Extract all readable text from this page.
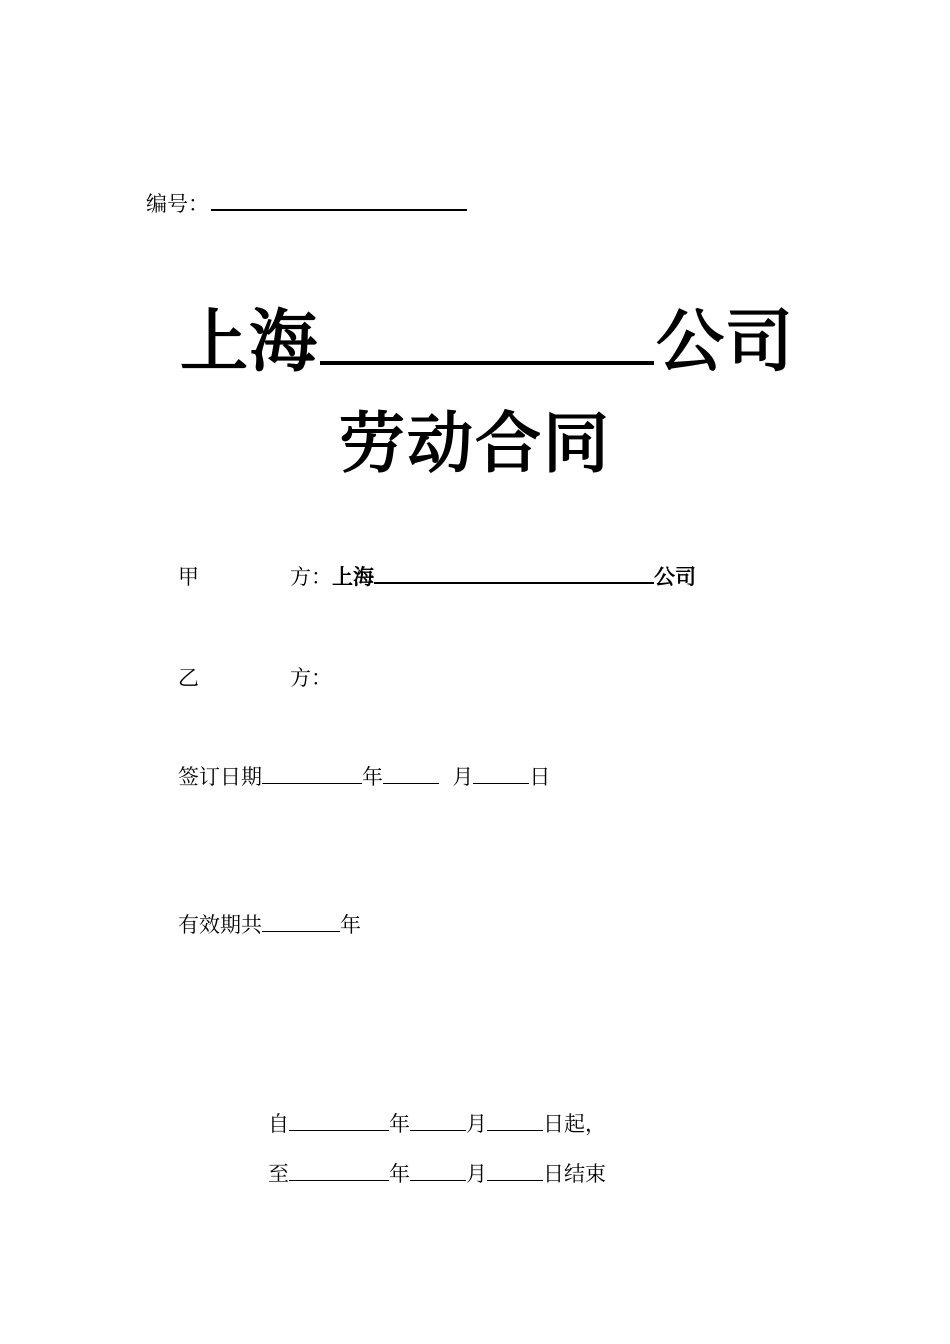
编号：
上海	公司
劳动合同
甲	方：上海	公司
乙	方：
签订日期	年	月	日
有效期共	年
自	年	月	日起，
至	年	月	日结束
